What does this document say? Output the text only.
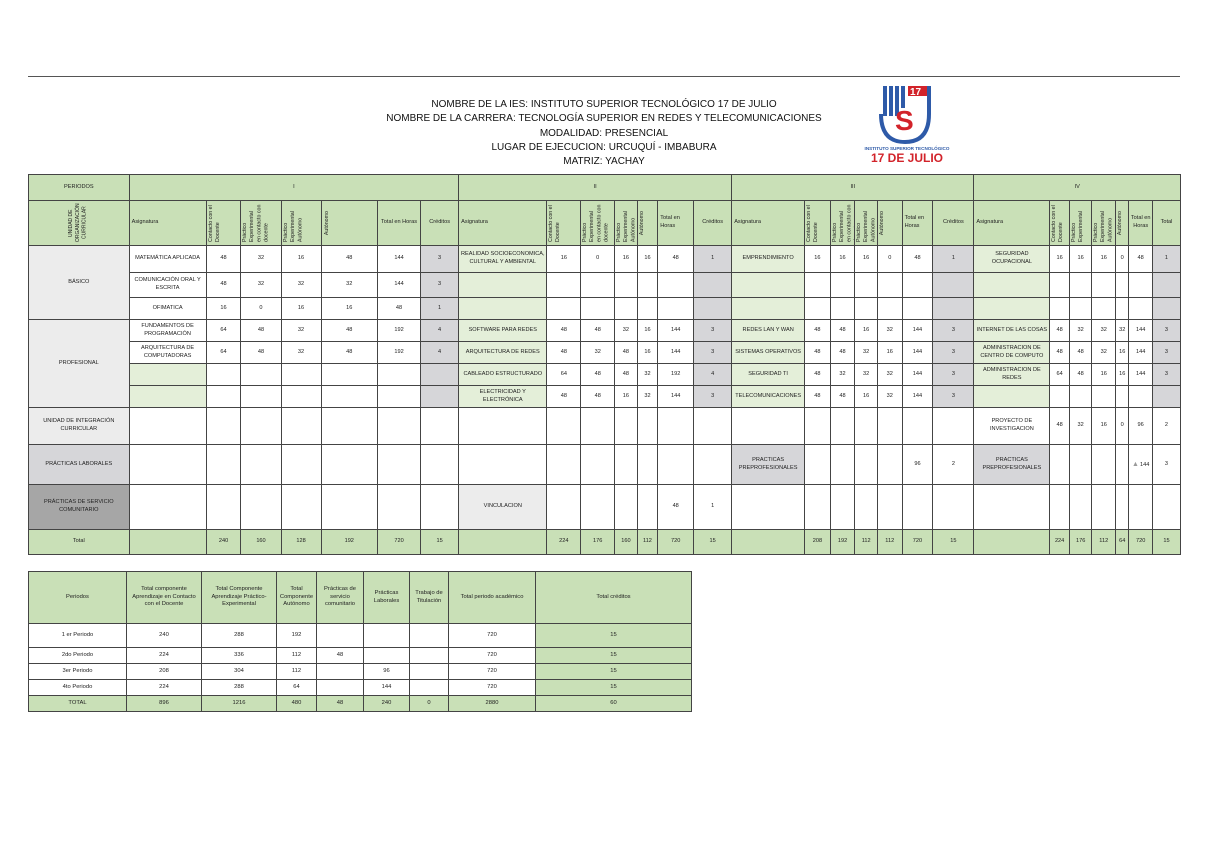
NOMBRE DE LA IES: INSTITUTO SUPERIOR TECNOLÓGICO 17 DE JULIO
NOMBRE DE LA CARRERA: TECNOLOGÍA SUPERIOR EN REDES Y TELECOMUNICACIONES
MODALIDAD: PRESENCIAL
LUGAR DE EJECUCION: URCUQUÍ - IMBABURA
MATRIZ: YACHAY
17
S
INSTITUTO SUPERIOR TECNOLÓGICO
17 DE JULIO
PERIODOS	I							II							III							IV						

UNIDAD DE ORGANIZACIÓN CURRICULAR	Asignatura	Contacto con el Docente	Práctico Experimental en contacto con docente	Práctico Experimental Autónomo	Autónomo	Total en Horas	Créditos	Asignatura	Contacto con el Docente	Práctico Experimental en contacto con docente	Práctico Experimental Autónomo	Autónomo	Total en Horas	Créditos	Asignatura	Contacto con el Docente	Práctico Experimental en contacto con	Práctico Experimental Autónomo	Autónomo	Total en Horas	Créditos	Asignatura	Contacto con el Docente	Práctico Experimental	Práctico Experimental Autónomo	Autónomo	Total en Horas	Total
BÁSICO	MATEMÁTICA APLICADA	48	32	16	48	144	3	REALIDAD SOCIOECONOMICA, CULTURAL Y AMBIENTAL	16	0	16	16	48	1	EMPRENDIMIENTO	16	16	16	0	48	1	SEGURIDAD OCUPACIONAL	16	16	16	0	48	1
	COMUNICACIÓN ORAL Y ESCRITA	48	32	32	32	144	3																					
	OFIMATICA	16	0	16	16	48	1																					
PROFESIONAL	FUNDAMENTOS DE PROGRAMACIÓN	64	48	32	48	192	4	SOFTWARE PARA REDES	48	48	32	16	144	3	REDES LAN Y WAN	48	48	16	32	144	3	INTERNET DE LAS COSAS	48	32	32	32	144	3
	ARQUITECTURA DE COMPUTADORAS	64	48	32	48	192	4	ARQUITECTURA DE REDES	48	32	48	16	144	3	SISTEMAS OPERATIVOS	48	48	32	16	144	3	ADMINISTRACION DE CENTRO DE COMPUTO	48	48	32	16	144	3
								CABLEADO ESTRUCTURADO	64	48	48	32	192	4	SEGURIDAD TI	48	32	32	32	144	3	ADMINISTRACION DE REDES	64	48	16	16	144	3
								ELECTRICIDAD Y ELECTRÓNICA	48	48	16	32	144	3	TELECOMUNICACIONES	48	48	16	32	144	3							
UNIDAD DE INTEGRACIÓN CURRICULAR																						PROYECTO DE INVESTIGACION	48	32	16	0	96	2
PRÁCTICAS LABORALES															PRACTICAS PREPROFESIONALES					96	2	PRACTICAS PREPROFESIONALES					▲144	3
PRÁCTICAS DE SERVICIO COMUNITARIO								VINCULACION					48	1														
Total		240	160	128	192	720	15		224	176	160	112	720	15		208	192	112	112	720	15		224	176	112	64	720	15
Periodos	Total componente Aprendizaje en Contacto con el Docente	Total Componente Aprendizaje Práctico-Experimental	Total Componente Autónomo	Prácticas de servicio comunitario	Prácticas Laborales	Trabajo de Titulación	Total periodo académico	Total créditos
1 er Periodo	240	288	192				720	15
2do Periodo	224	336	112	48			720	15
3er Periodo	208	304	112		96		720	15
4to Periodo	224	288	64		144		720	15
TOTAL	896	1216	480	48	240	0	2880	60
